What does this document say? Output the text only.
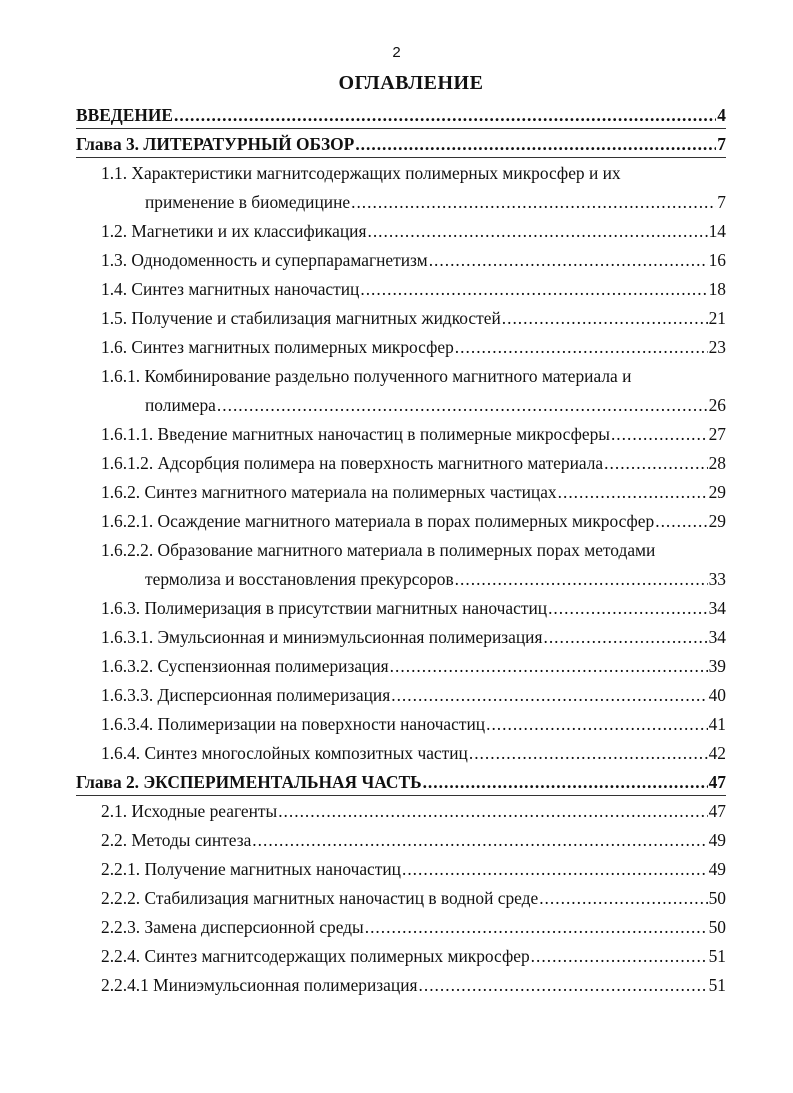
2
ОГЛАВЛЕНИЕ
ВВЕДЕНИЕ .....	4
Глава 3. ЛИТЕРАТУРНЫЙ ОБЗОР .....	7
1.1. Характеристики магнитсодержащих полимерных микросфер и их
применение в биомедицине .....	7
1.2. Магнетики и их классификация .....	14
1.3. Однодоменность и суперпарамагнетизм .....	16
1.4. Синтез магнитных наночастиц .....	18
1.5. Получение и стабилизация магнитных жидкостей .....	21
1.6. Синтез магнитных полимерных микросфер .....	23
1.6.1. Комбинирование раздельно полученного магнитного материала и
полимера .....	26
1.6.1.1. Введение магнитных наночастиц в полимерные микросферы .....	27
1.6.1.2. Адсорбция полимера на поверхность магнитного материала .....	28
1.6.2. Синтез магнитного материала на полимерных частицах .....	29
1.6.2.1. Осаждение магнитного материала в порах полимерных микросфер .....	29
1.6.2.2. Образование магнитного материала в полимерных порах методами
термолиза и восстановления прекурсоров .....	33
1.6.3. Полимеризация в присутствии магнитных наночастиц .....	34
1.6.3.1. Эмульсионная и миниэмульсионная полимеризация .....	34
1.6.3.2. Суспензионная полимеризация .....	39
1.6.3.3. Дисперсионная полимеризация .....	40
1.6.3.4. Полимеризации на поверхности наночастиц .....	41
1.6.4. Синтез многослойных композитных частиц .....	42
Глава 2. ЭКСПЕРИМЕНТАЛЬНАЯ ЧАСТЬ .....	47
2.1. Исходные реагенты .....	47
2.2. Методы синтеза .....	49
2.2.1. Получение магнитных наночастиц .....	49
2.2.2. Стабилизация магнитных наночастиц в водной среде .....	50
2.2.3. Замена дисперсионной среды .....	50
2.2.4. Синтез магнитсодержащих полимерных микросфер .....	51
2.2.4.1 Миниэмульсионная полимеризация .....	51
